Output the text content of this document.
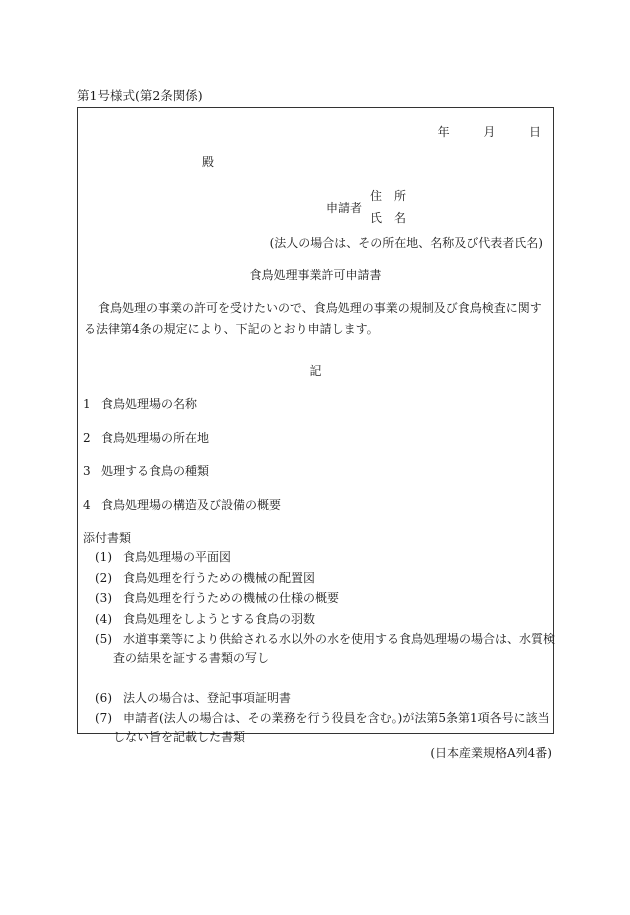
第1号様式(第2条関係)
年	月	日
殿
申請者
住　所
氏　名
(法人の場合は、その所在地、名称及び代表者氏名)
食鳥処理事業許可申請書
食鳥処理の事業の許可を受けたいので、食鳥処理の事業の規制及び食鳥検査に関する法律第4条の規定により、下記のとおり申請します。
記
1 食鳥処理場の名称
2 食鳥処理場の所在地
3 処理する食鳥の種類
4 食鳥処理場の構造及び設備の概要
添付書類
(1) 食鳥処理場の平面図
(2) 食鳥処理を行うための機械の配置図
(3) 食鳥処理を行うための機械の仕様の概要
(4) 食鳥処理をしようとする食鳥の羽数
(5) 水道事業等により供給される水以外の水を使用する食鳥処理場の場合は、水質検
査の結果を証する書類の写し
(6) 法人の場合は、登記事項証明書
(7) 申請者(法人の場合は、その業務を行う役員を含む。)が法第5条第1項各号に該当
しない旨を記載した書類
(日本産業規格A列4番)
